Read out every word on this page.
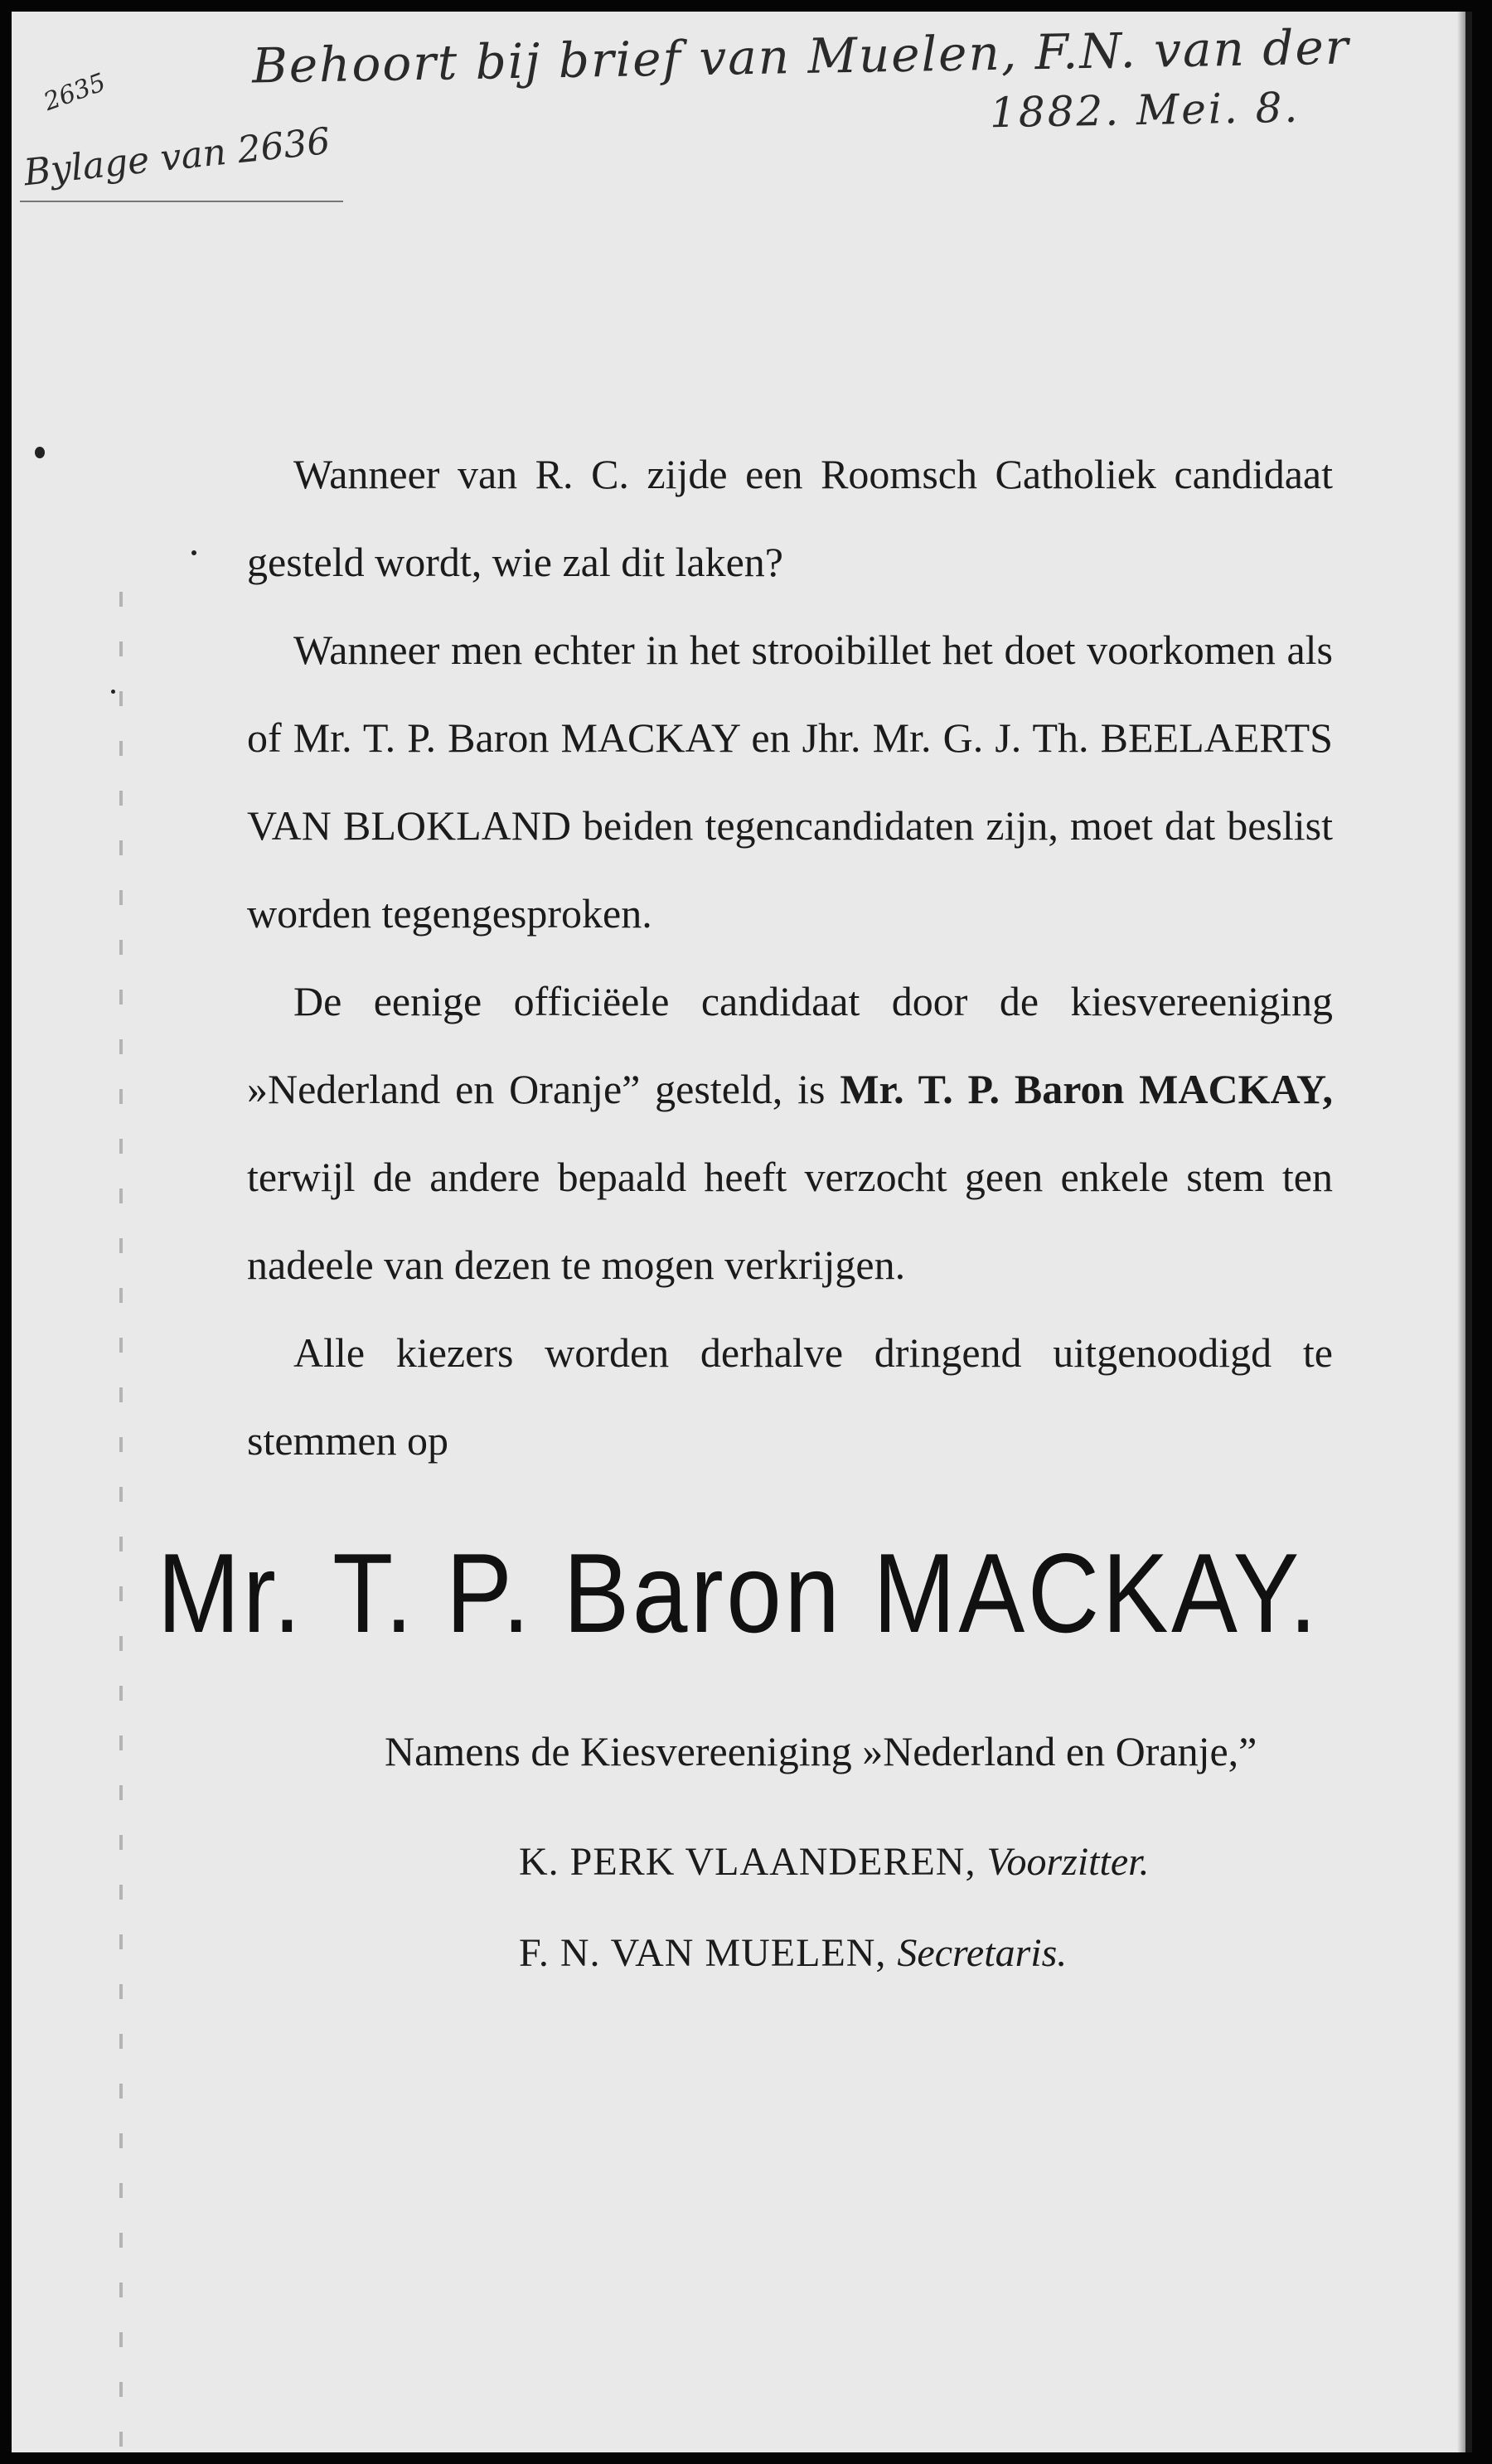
Behoort bij brief van Muelen, F.N. van der
1882. Mei. 8.
2635
Bylage van 2636

Wanneer van R. C. zijde een Roomsch Catholiek candidaat gesteld wordt, wie zal dit laken?

Wanneer men echter in het strooibillet het doet voorkomen als of Mr. T. P. Baron MACKAY en Jhr. Mr. G. J. Th. BEELAERTS VAN BLOKLAND beiden tegencandidaten zijn, moet dat beslist worden tegengesproken.

De eenige officiëele candidaat door de kiesvereeniging »Nederland en Oranje” gesteld, is Mr. T. P. Baron MACKAY, terwijl de andere bepaald heeft verzocht geen enkele stem ten nadeele van dezen te mogen verkrijgen.

Alle kiezers worden derhalve dringend uitgenoodigd te stemmen op

Mr. T. P. Baron MACKAY.
Namens de Kiesvereeniging »Nederland en Oranje,”
K. PERK VLAANDEREN, Voorzitter.
F. N. VAN MUELEN, Secretaris.
